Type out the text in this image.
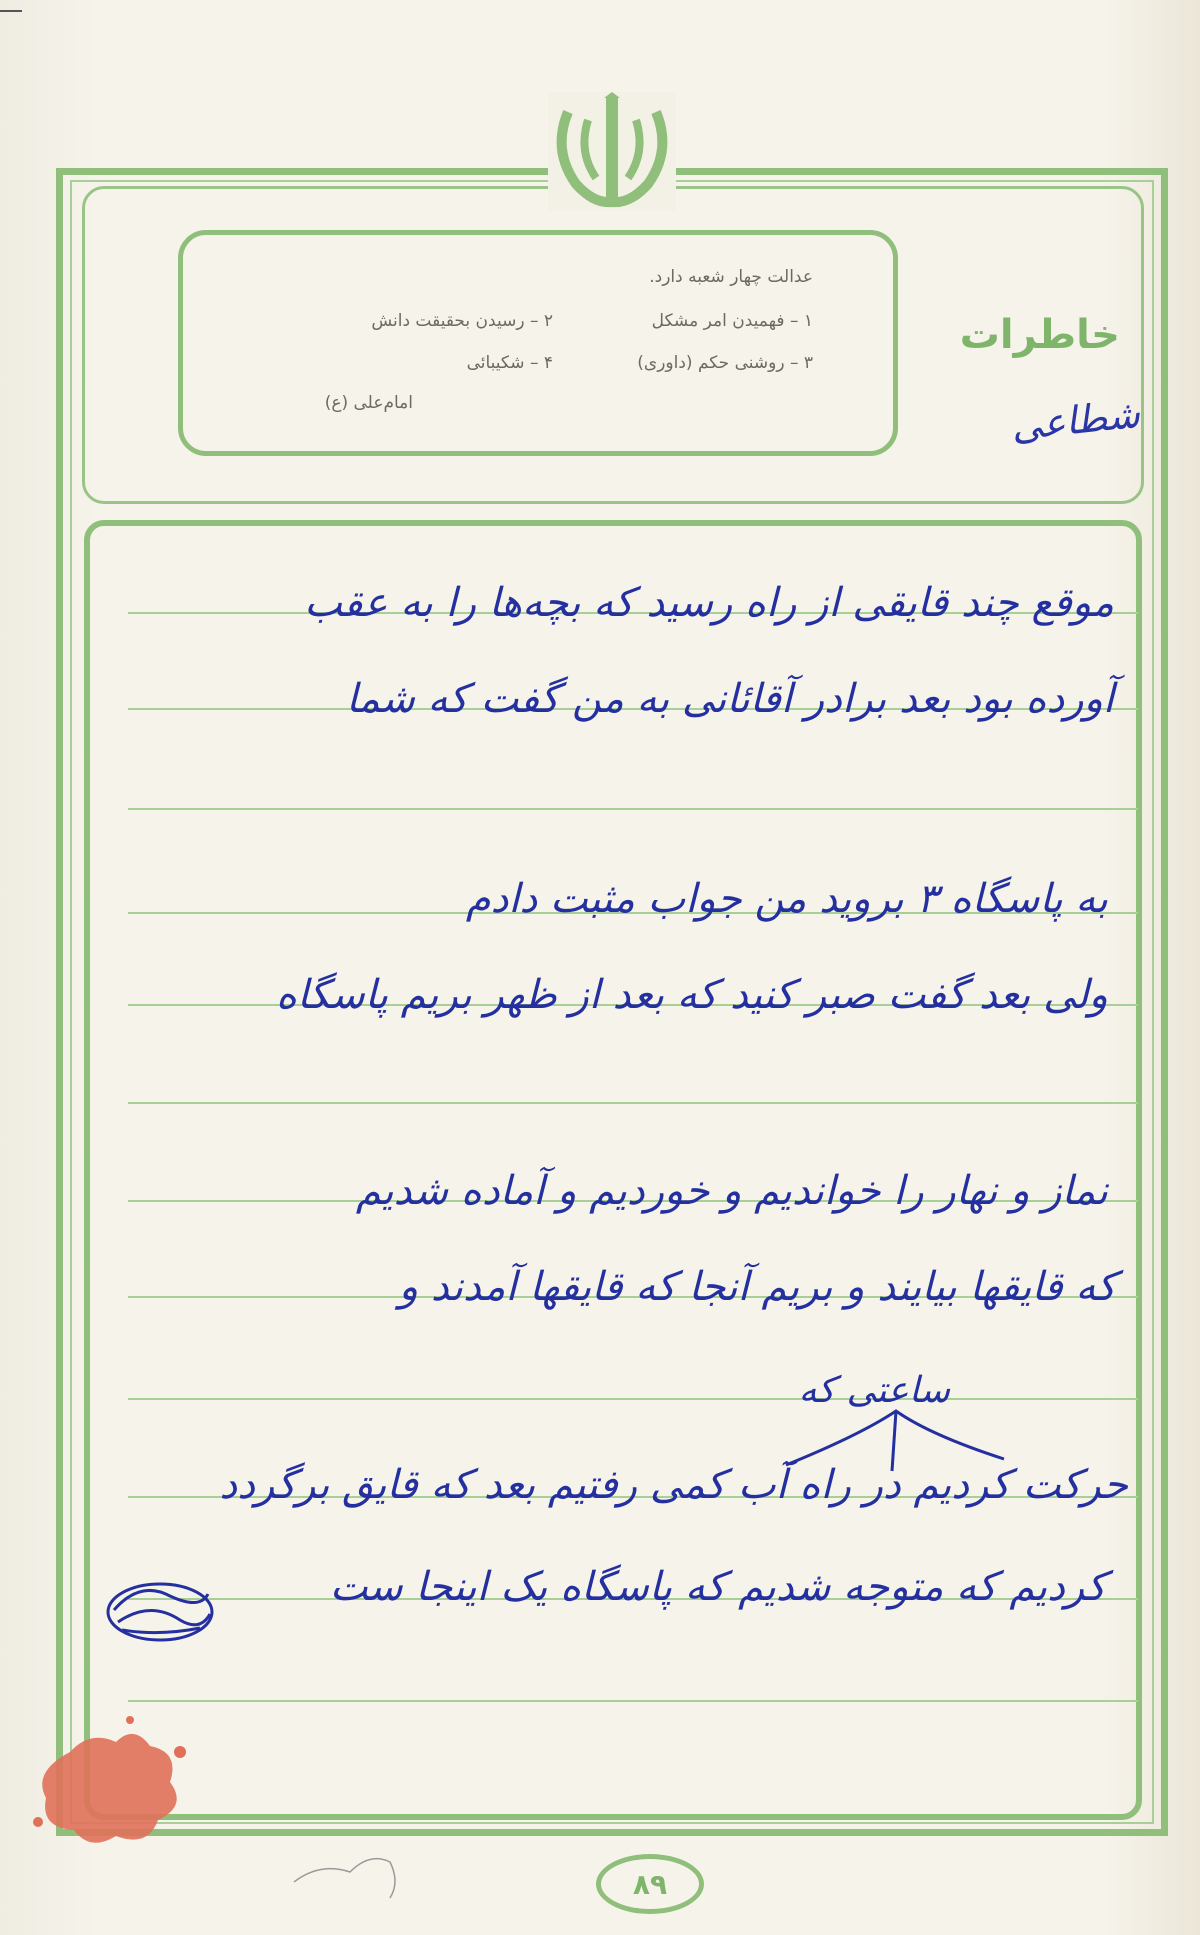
عدالت چهار شعبه دارد.
۱ – فهمیدن امر مشکل
۲ – رسیدن بحقیقت دانش
۳ – روشنی حکم (داوری)
۴ – شکیبائی
امام‌علی (ع)
خاطرات
شطاعی
موقع چند قایقی از راه رسید که بچه‌ها را به عقب
آورده بود بعد برادر آقائانی به من گفت که شما
به پاسگاه ۳ بروید من جواب مثبت دادم
ولی بعد گفت صبر کنید که بعد از ظهر بریم پاسگاه
نماز و نهار را خواندیم و خوردیم و آماده شدیم
که قایقها بیایند و بریم آنجا که قایقها آمدند و
ساعتی که
حرکت کردیم در راه آب کمی رفتیم بعد که قایق برگردد
کردیم که متوجه شدیم که پاسگاه یک اینجا ست
۸۹
